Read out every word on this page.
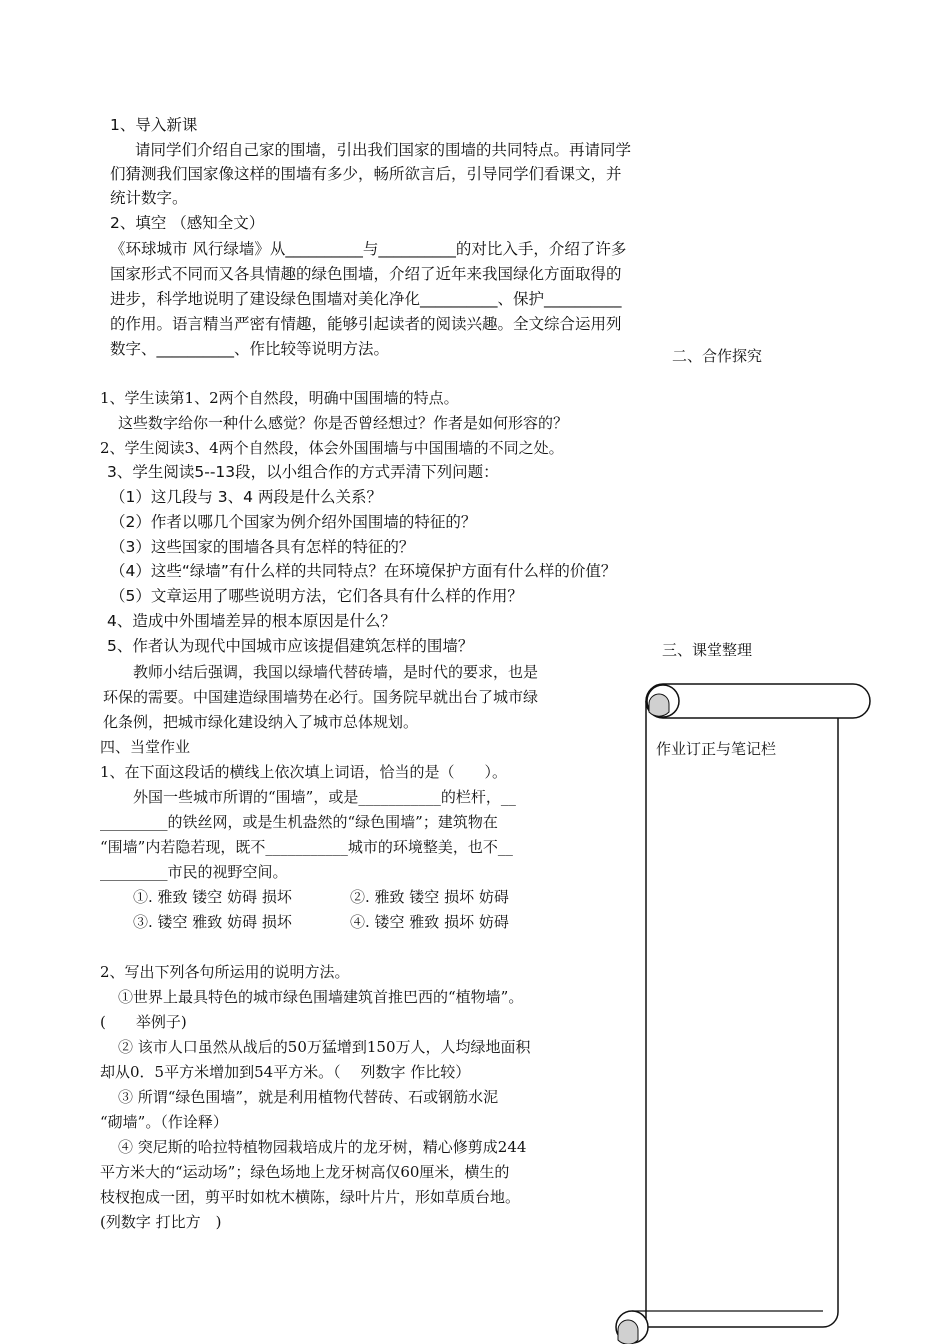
1、导入新课
请同学们介绍自己家的围墙，引出我们国家的围墙的共同特点。再请同学
们猜测我们国家像这样的围墙有多少，畅所欲言后，引导同学们看课文，并
统计数字。
2、填空 （感知全文）
《环球城市 风行绿墙》从__________与__________的对比入手，介绍了许多
国家形式不同而又各具情趣的绿色围墙，介绍了近年来我国绿化方面取得的
进步，科学地说明了建设绿色围墙对美化净化__________、保护__________
的作用。语言精当严密有情趣，能够引起读者的阅读兴趣。全文综合运用列
数字、__________、作比较等说明方法。	二、合作探究
1、学生读第1、2两个自然段，明确中国围墙的特点。
这些数字给你一种什么感觉？你是否曾经想过？作者是如何形容的？
2、学生阅读3、4两个自然段，体会外国围墙与中国围墙的不同之处。
3、学生阅读5--13段，以小组合作的方式弄清下列问题：
（1）这几段与 3、4 两段是什么关系？
（2）作者以哪几个国家为例介绍外国围墙的特征的？
（3）这些国家的围墙各具有怎样的特征的？
（4）这些“绿墙”有什么样的共同特点？在环境保护方面有什么样的价值？
（5）文章运用了哪些说明方法，它们各具有什么样的作用？
4、造成中外围墙差异的根本原因是什么？
5、作者认为现代中国城市应该提倡建筑怎样的围墙？	三、课堂整理
教师小结后强调，我国以绿墙代替砖墙，是时代的要求，也是
环保的需要。中国建造绿围墙势在必行。国务院早就出台了城市绿
化条例，把城市绿化建设纳入了城市总体规划。
四、当堂作业
1、在下面这段话的横线上依次填上词语，恰当的是（　　）。
外国一些城市所谓的“围墙”，或是___________的栏杆，__
_________的铁丝网，或是生机盎然的“绿色围墙”；建筑物在
“围墙”内若隐若现，既不___________城市的环境整美，也不__
_________市民的视野空间。
①. 雅致 镂空 妨碍 损坏	②. 雅致 镂空 损坏 妨碍
③. 镂空 雅致 妨碍 损坏	④. 镂空 雅致 损坏 妨碍
2、写出下列各句所运用的说明方法。
①世界上最具特色的城市绿色围墙建筑首推巴西的“植物墙”。
(　　举例子)
② 该市人口虽然从战后的50万猛增到150万人，人均绿地面积
却从0．5平方米增加到54平方米。（　 列数字 作比较）
③ 所谓“绿色围墙”，就是利用植物代替砖、石或钢筋水泥
“砌墙”。（作诠释）
④ 突尼斯的哈拉特植物园栽培成片的龙牙树，精心修剪成244
平方米大的“运动场”；绿色场地上龙牙树高仅60厘米，横生的
枝杈抱成一团，剪平时如枕木横陈，绿叶片片，形如草质台地。
(列数字 打比方　)
作业订正与笔记栏
